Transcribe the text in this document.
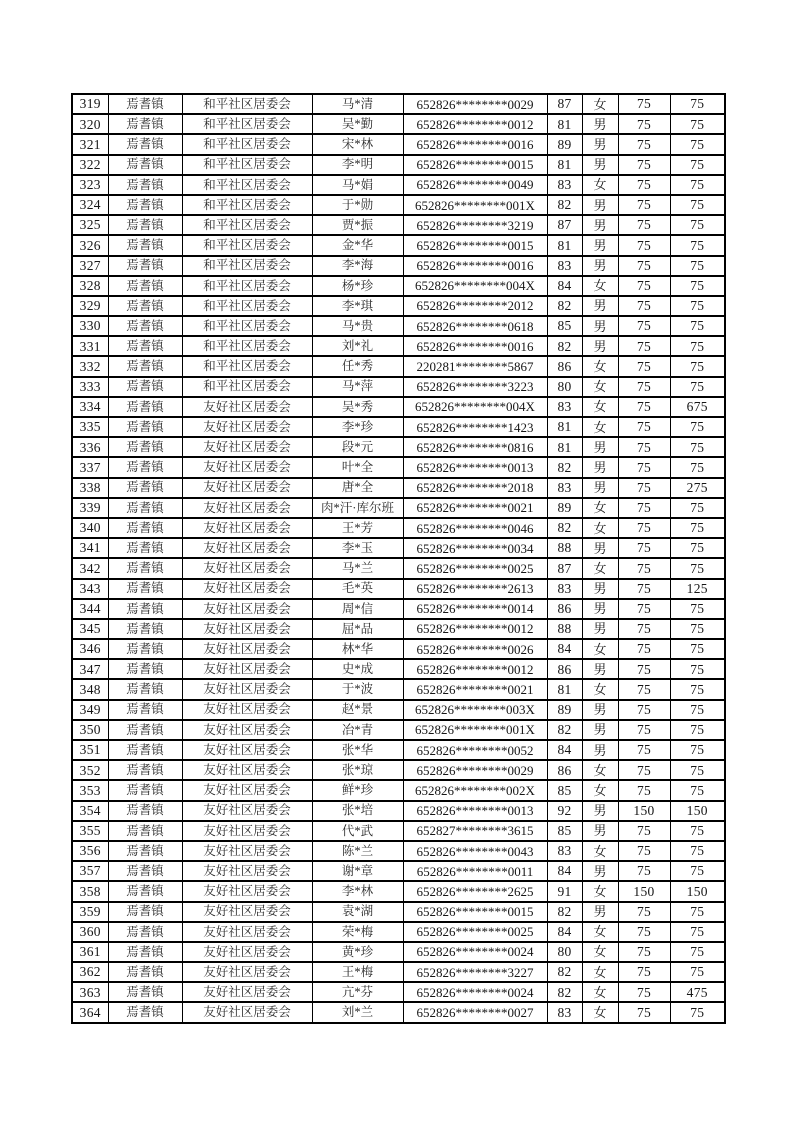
319	焉耆镇	和平社区居委会	马*清	652826********0029	87	女	75	75
320	焉耆镇	和平社区居委会	吴*勤	652826********0012	81	男	75	75
321	焉耆镇	和平社区居委会	宋*林	652826********0016	89	男	75	75
322	焉耆镇	和平社区居委会	李*明	652826********0015	81	男	75	75
323	焉耆镇	和平社区居委会	马*娟	652826********0049	83	女	75	75
324	焉耆镇	和平社区居委会	于*勋	652826********001X	82	男	75	75
325	焉耆镇	和平社区居委会	贾*振	652826********3219	87	男	75	75
326	焉耆镇	和平社区居委会	金*华	652826********0015	81	男	75	75
327	焉耆镇	和平社区居委会	李*海	652826********0016	83	男	75	75
328	焉耆镇	和平社区居委会	杨*珍	652826********004X	84	女	75	75
329	焉耆镇	和平社区居委会	李*琪	652826********2012	82	男	75	75
330	焉耆镇	和平社区居委会	马*贵	652826********0618	85	男	75	75
331	焉耆镇	和平社区居委会	刘*礼	652826********0016	82	男	75	75
332	焉耆镇	和平社区居委会	任*秀	220281********5867	86	女	75	75
333	焉耆镇	和平社区居委会	马*萍	652826********3223	80	女	75	75
334	焉耆镇	友好社区居委会	吴*秀	652826********004X	83	女	75	675
335	焉耆镇	友好社区居委会	李*珍	652826********1423	81	女	75	75
336	焉耆镇	友好社区居委会	段*元	652826********0816	81	男	75	75
337	焉耆镇	友好社区居委会	叶*全	652826********0013	82	男	75	75
338	焉耆镇	友好社区居委会	唐*全	652826********2018	83	男	75	275
339	焉耆镇	友好社区居委会	肉*汗·库尔班	652826********0021	89	女	75	75
340	焉耆镇	友好社区居委会	王*芳	652826********0046	82	女	75	75
341	焉耆镇	友好社区居委会	李*玉	652826********0034	88	男	75	75
342	焉耆镇	友好社区居委会	马*兰	652826********0025	87	女	75	75
343	焉耆镇	友好社区居委会	毛*英	652826********2613	83	男	75	125
344	焉耆镇	友好社区居委会	周*信	652826********0014	86	男	75	75
345	焉耆镇	友好社区居委会	屈*品	652826********0012	88	男	75	75
346	焉耆镇	友好社区居委会	林*华	652826********0026	84	女	75	75
347	焉耆镇	友好社区居委会	史*成	652826********0012	86	男	75	75
348	焉耆镇	友好社区居委会	于*波	652826********0021	81	女	75	75
349	焉耆镇	友好社区居委会	赵*景	652826********003X	89	男	75	75
350	焉耆镇	友好社区居委会	冶*青	652826********001X	82	男	75	75
351	焉耆镇	友好社区居委会	张*华	652826********0052	84	男	75	75
352	焉耆镇	友好社区居委会	张*琼	652826********0029	86	女	75	75
353	焉耆镇	友好社区居委会	鲜*珍	652826********002X	85	女	75	75
354	焉耆镇	友好社区居委会	张*培	652826********0013	92	男	150	150
355	焉耆镇	友好社区居委会	代*武	652827********3615	85	男	75	75
356	焉耆镇	友好社区居委会	陈*兰	652826********0043	83	女	75	75
357	焉耆镇	友好社区居委会	谢*章	652826********0011	84	男	75	75
358	焉耆镇	友好社区居委会	李*林	652826********2625	91	女	150	150
359	焉耆镇	友好社区居委会	袁*湖	652826********0015	82	男	75	75
360	焉耆镇	友好社区居委会	荣*梅	652826********0025	84	女	75	75
361	焉耆镇	友好社区居委会	黄*珍	652826********0024	80	女	75	75
362	焉耆镇	友好社区居委会	王*梅	652826********3227	82	女	75	75
363	焉耆镇	友好社区居委会	亢*芬	652826********0024	82	女	75	475
364	焉耆镇	友好社区居委会	刘*兰	652826********0027	83	女	75	75
